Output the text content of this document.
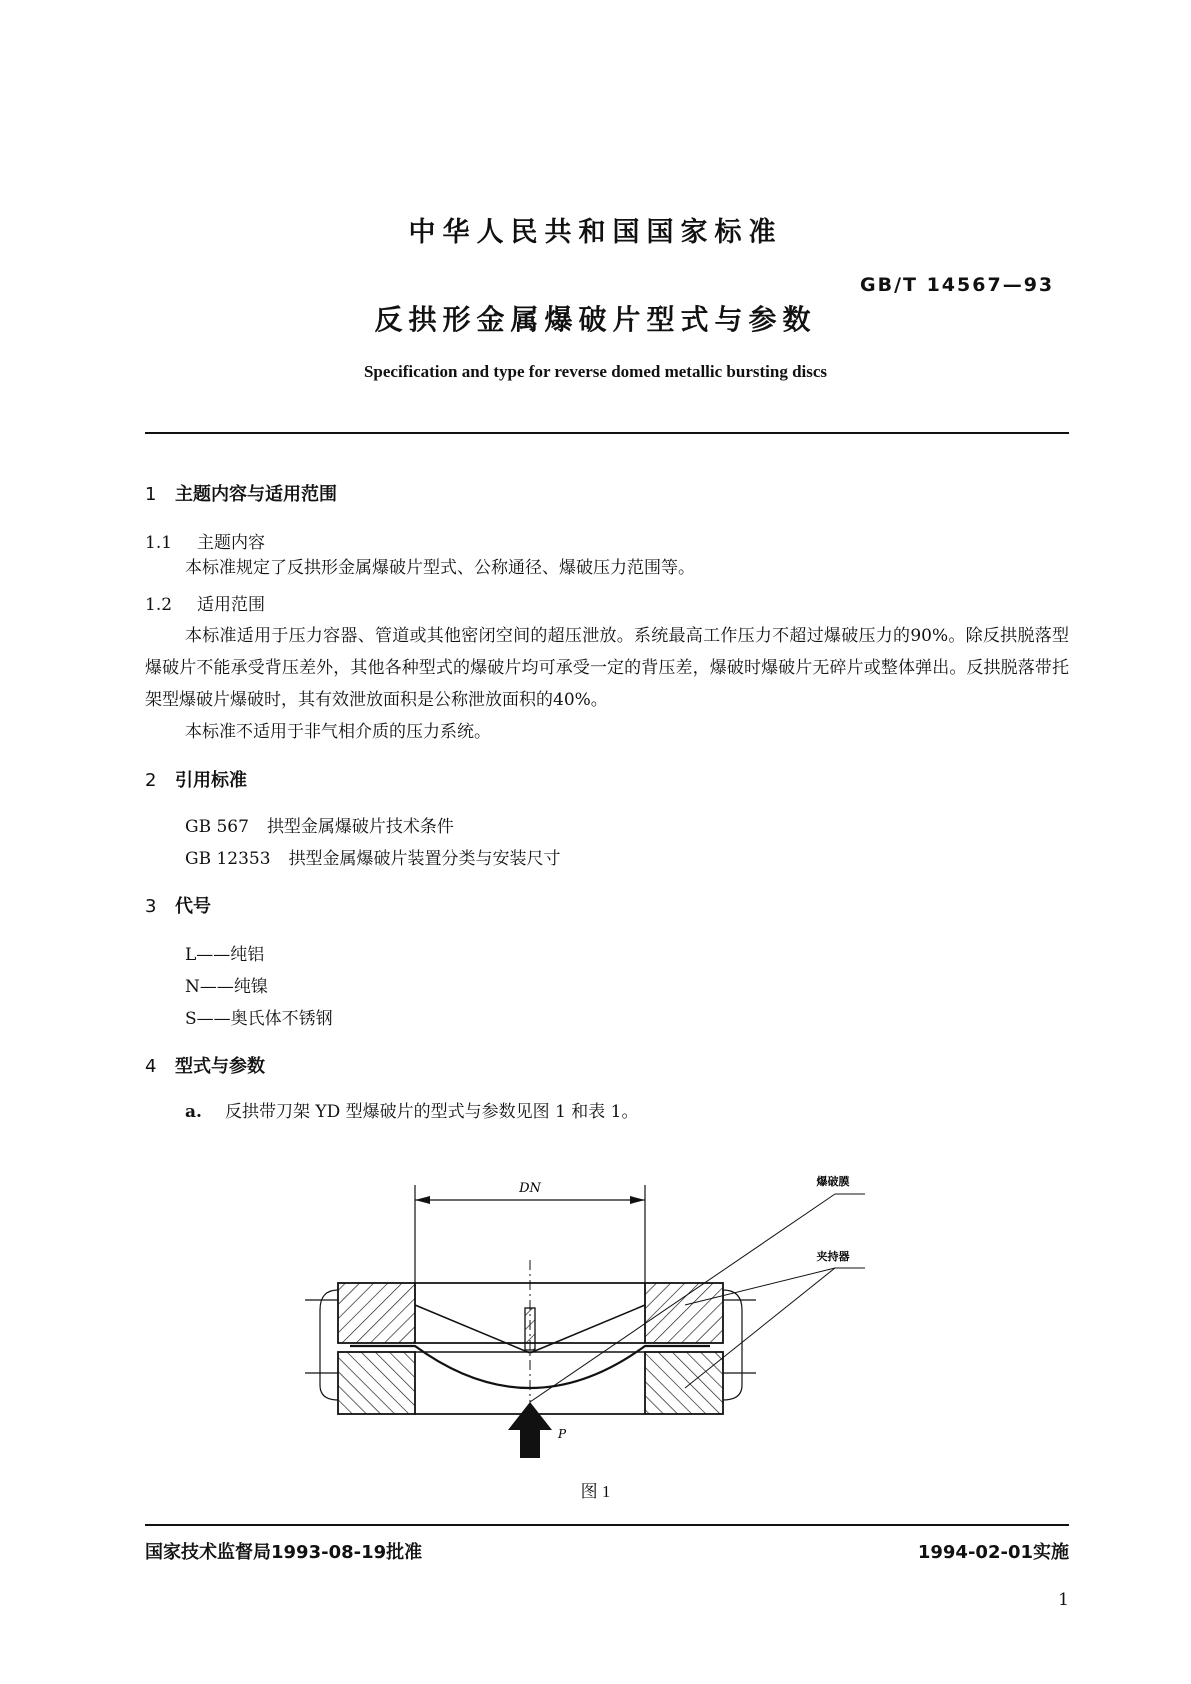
中华人民共和国国家标准
GB/T 14567—93
反拱形金属爆破片型式与参数
Specification and type for reverse domed metallic bursting discs
1 主题内容与适用范围
1.1 主题内容
本标准规定了反拱形金属爆破片型式、公称通径、爆破压力范围等。
1.2 适用范围
本标准适用于压力容器、管道或其他密闭空间的超压泄放。系统最高工作压力不超过爆破压力的90%。除反拱脱落型爆破片不能承受背压差外，其他各种型式的爆破片均可承受一定的背压差，爆破时爆破片无碎片或整体弹出。反拱脱落带托架型爆破片爆破时，其有效泄放面积是公称泄放面积的40%。
本标准不适用于非气相介质的压力系统。
2 引用标准
GB 567 拱型金属爆破片技术条件
GB 12353 拱型金属爆破片装置分类与安装尺寸
3 代号
L——纯铝
N——纯镍
S——奥氏体不锈钢
4 型式与参数
a. 反拱带刀架 YD 型爆破片的型式与参数见图 1 和表 1。
DN	爆破膜
夹持器
P
图 1
国家技术监督局1993-08-19批准	1994-02-01实施
1
